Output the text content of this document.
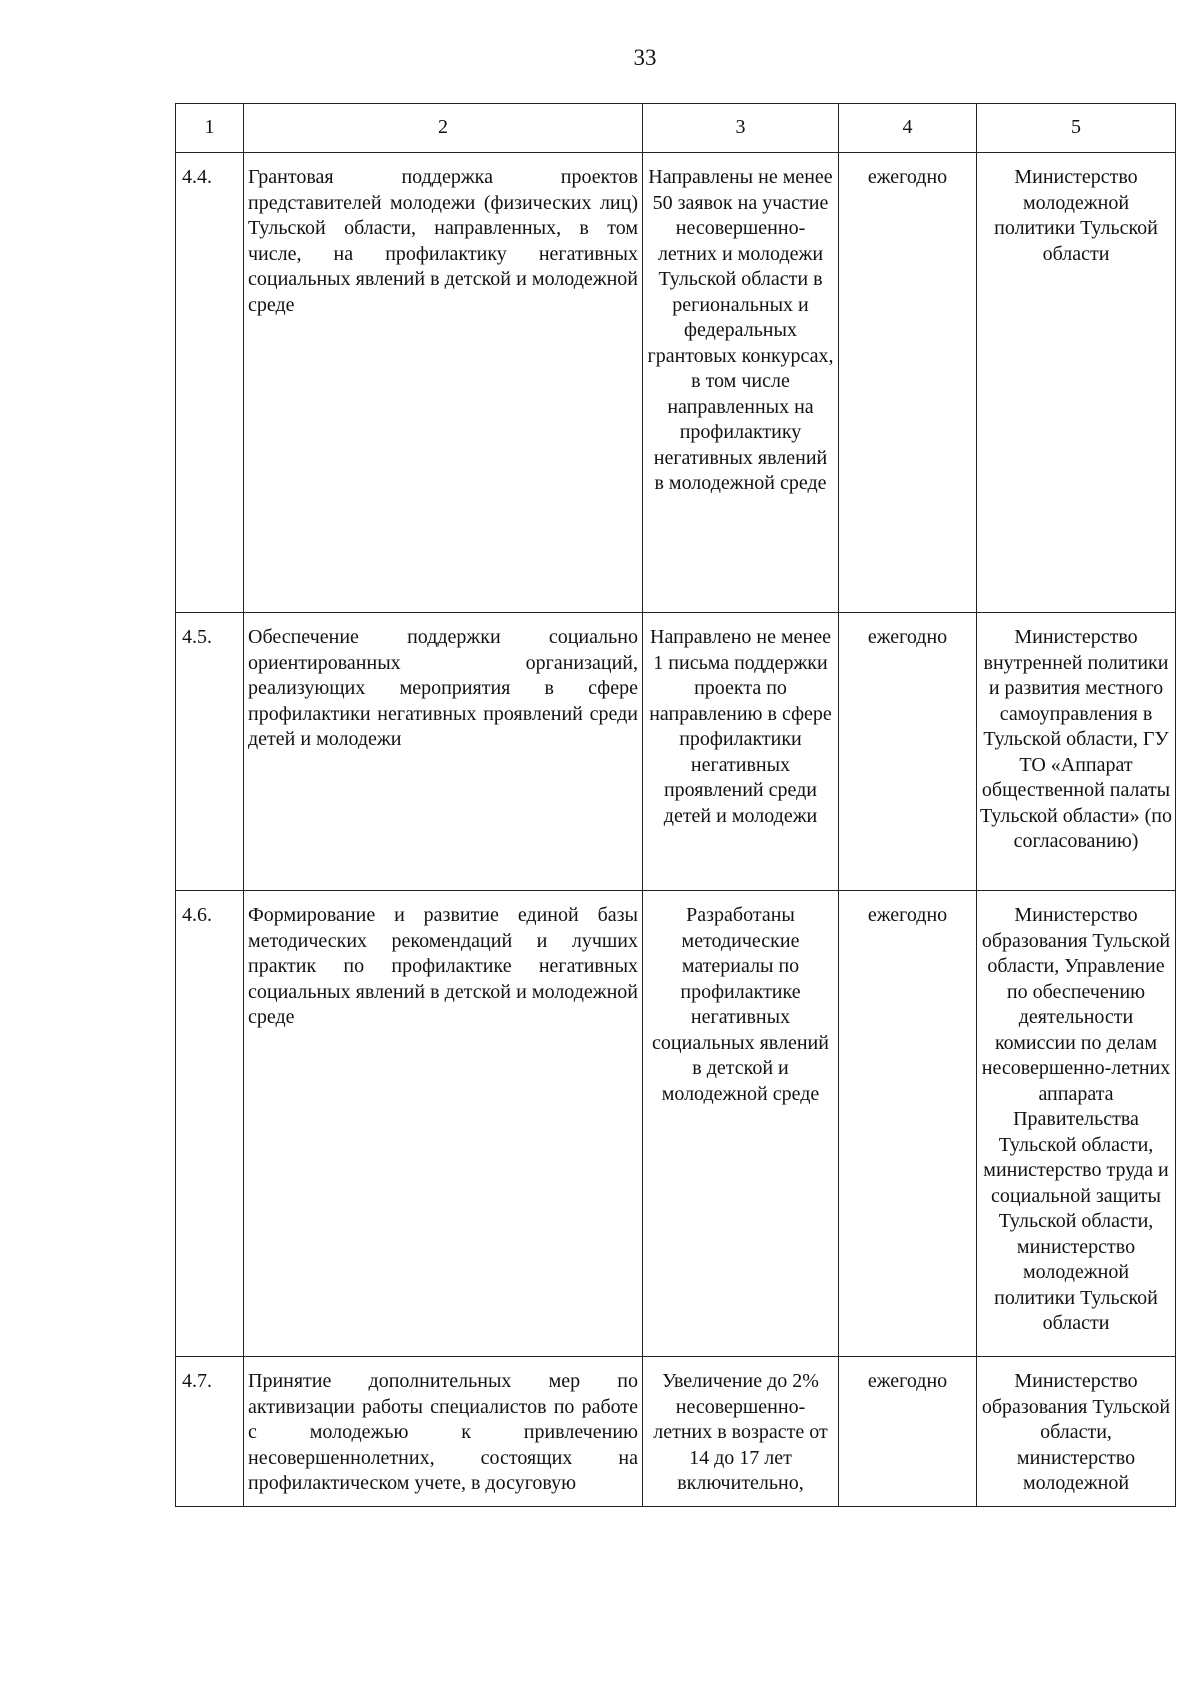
33
1	2	3	4	5

4.4.	Грантовая поддержка проектов представителей молодежи (физических лиц) Тульской области, направленных, в том числе, на профилактику негативных социальных явлений в детской и молодежной среде	Направлены не менее 50 заявок на участие несовершенно-летних и молодежи Тульской области в региональных и федеральных грантовых конкурсах, в том числе направленных на профилактику негативных явлений в молодежной среде	ежегодно	Министерство молодежной политики Тульской области

4.5.	Обеспечение поддержки социально ориентированных организаций, реализующих мероприятия в сфере профилактики негативных проявлений среди детей и молодежи	Направлено не менее 1 письма поддержки проекта по направлению в сфере профилактики негативных проявлений среди детей и молодежи	ежегодно	Министерство внутренней политики и развития местного самоуправления в Тульской области, ГУ ТО «Аппарат общественной палаты Тульской области» (по согласованию)

4.6.	Формирование и развитие единой базы методических рекомендаций и лучших практик по профилактике негативных социальных явлений в детской и молодежной среде	Разработаны методические материалы по профилактике негативных социальных явлений в детской и молодежной среде	ежегодно	Министерство образования Тульской области, Управление по обеспечению деятельности комиссии по делам несовершенно-летних аппарата Правительства Тульской области, министерство труда и социальной защиты Тульской области, министерство молодежной политики Тульской области

4.7.	Принятие дополнительных мер по активизации работы специалистов по работе с молодежью к привлечению несовершеннолетних, состоящих на профилактическом учете, в досуговую	Увеличение до 2% несовершенно-летних в возрасте от 14 до 17 лет включительно,	ежегодно	Министерство образования Тульской области, министерство молодежной
